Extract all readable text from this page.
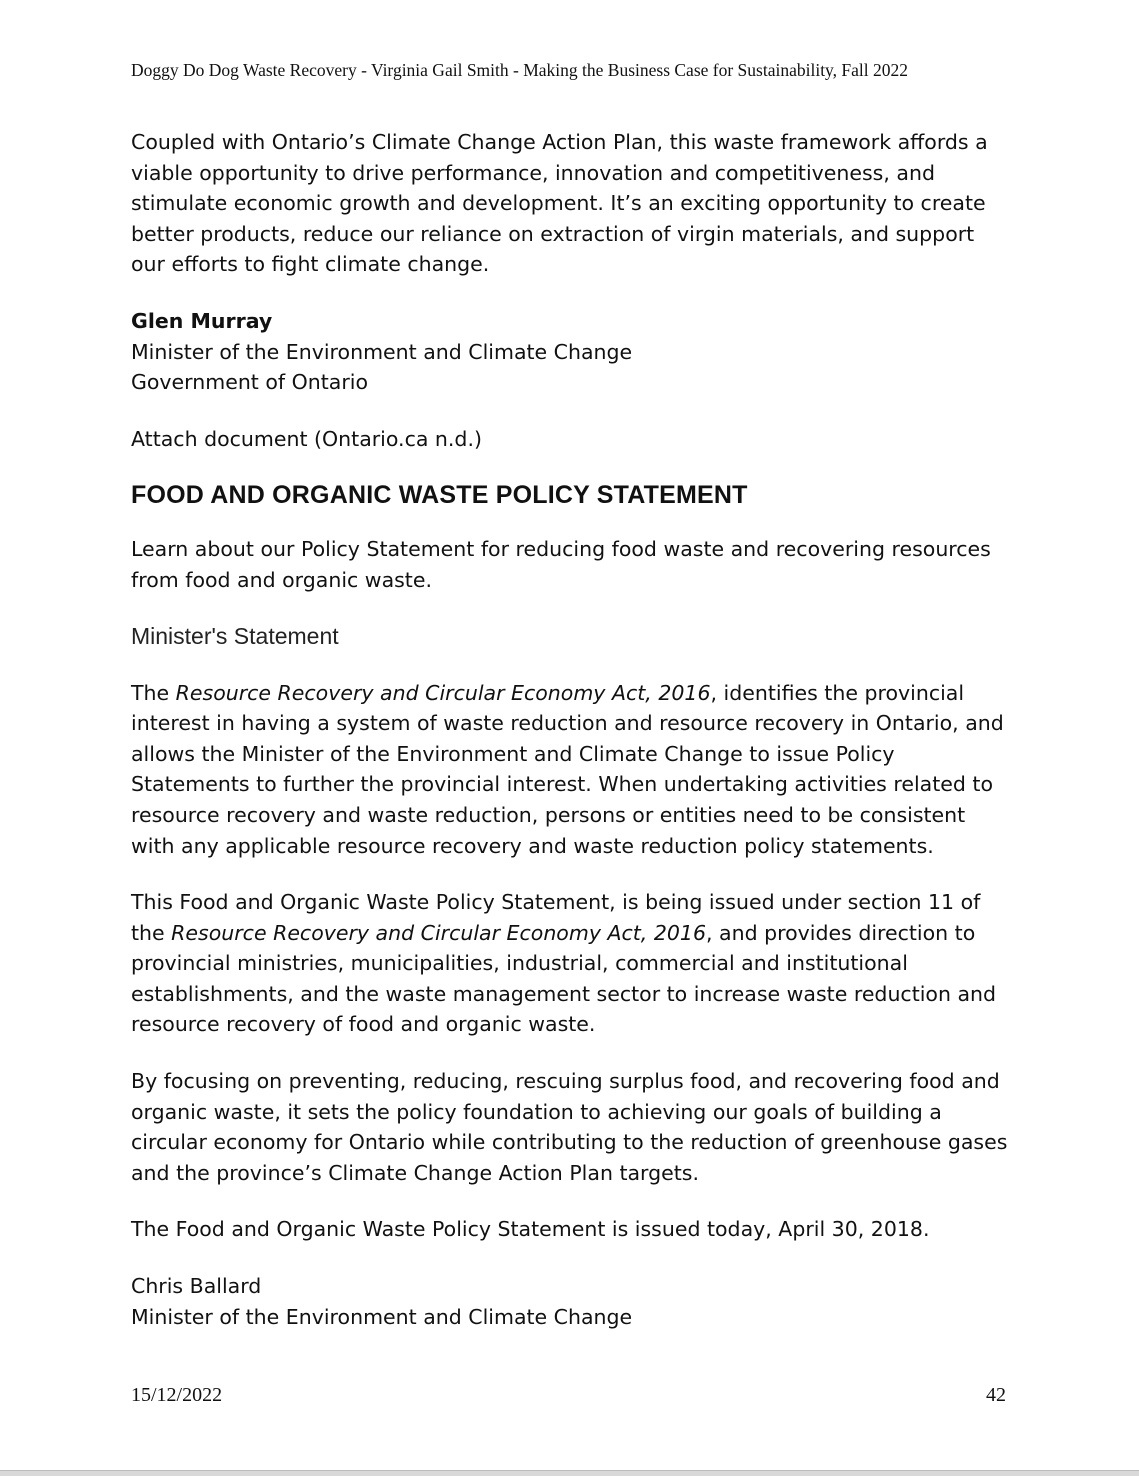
Doggy Do Dog Waste Recovery - Virginia Gail Smith - Making the Business Case for Sustainability, Fall 2022

Coupled with Ontario’s Climate Change Action Plan, this waste framework affords a viable opportunity to drive performance, innovation and competitiveness, and stimulate economic growth and development. It’s an exciting opportunity to create better products, reduce our reliance on extraction of virgin materials, and support our efforts to fight climate change.

Glen Murray

Minister of the Environment and Climate Change

Government of Ontario

Attach document (Ontario.ca n.d.)

FOOD AND ORGANIC WASTE POLICY STATEMENT

Learn about our Policy Statement for reducing food waste and recovering resources from food and organic waste.

Minister's Statement

The Resource Recovery and Circular Economy Act, 2016, identifies the provincial interest in having a system of waste reduction and resource recovery in Ontario, and allows the Minister of the Environment and Climate Change to issue Policy Statements to further the provincial interest. When undertaking activities related to resource recovery and waste reduction, persons or entities need to be consistent with any applicable resource recovery and waste reduction policy statements.

This Food and Organic Waste Policy Statement, is being issued under section 11 of the Resource Recovery and Circular Economy Act, 2016, and provides direction to provincial ministries, municipalities, industrial, commercial and institutional establishments, and the waste management sector to increase waste reduction and resource recovery of food and organic waste.

By focusing on preventing, reducing, rescuing surplus food, and recovering food and organic waste, it sets the policy foundation to achieving our goals of building a circular economy for Ontario while contributing to the reduction of greenhouse gases and the province’s Climate Change Action Plan targets.

The Food and Organic Waste Policy Statement is issued today, April 30, 2018.

Chris Ballard

Minister of the Environment and Climate Change

15/12/2022	42
